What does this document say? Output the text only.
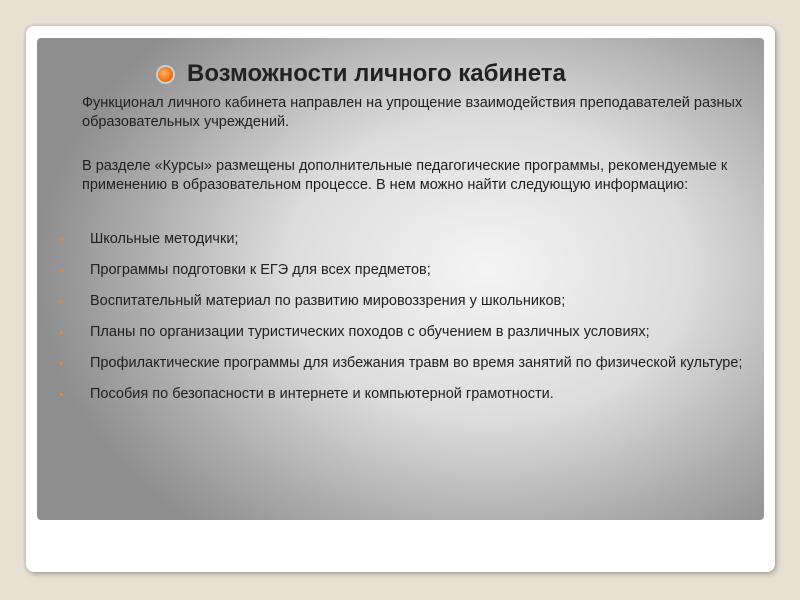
Возможности личного кабинета
Функционал личного кабинета направлен на упрощение взаимодействия преподавателей разных образовательных учреждений.
В разделе «Курсы» размещены дополнительные педагогические программы, рекомендуемые к применению в образовательном процессе. В нем можно найти следующую информацию:
Школьные методички;
Программы подготовки к ЕГЭ для всех предметов;
Воспитательный материал по развитию мировоззрения у школьников;
Планы по организации туристических походов с обучением в различных условиях;
Профилактические программы для избежания травм во время занятий по физической культуре;
Пособия по безопасности в интернете и компьютерной грамотности.
